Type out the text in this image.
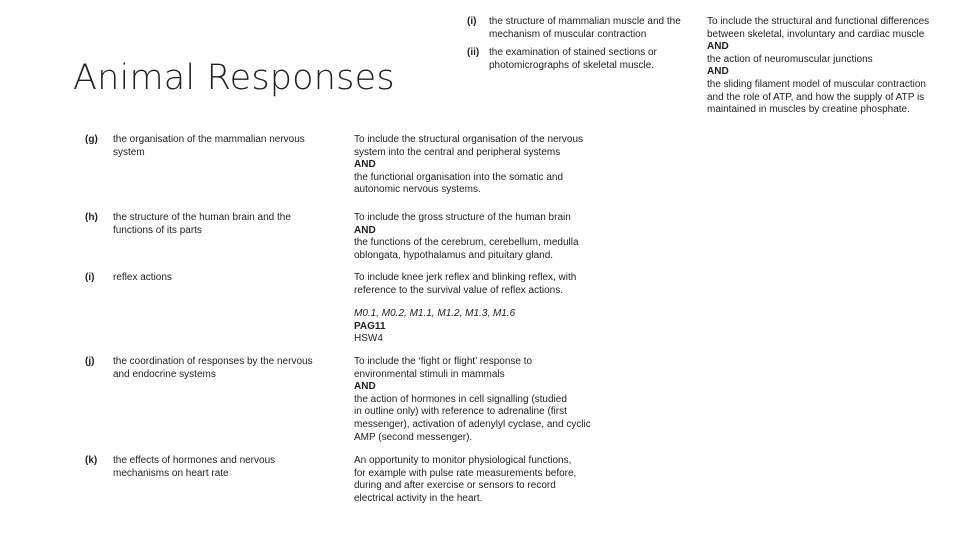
Animal Responses
(i) the structure of mammalian muscle and the
mechanism of muscular contraction
(ii) the examination of stained sections or
photomicrographs of skeletal muscle.
To include the structural and functional differences
between skeletal, involuntary and cardiac muscle
AND
the action of neuromuscular junctions
AND
the sliding filament model of muscular contraction
and the role of ATP, and how the supply of ATP is
maintained in muscles by creatine phosphate.
(g) the organisation of the mammalian nervous
system
To include the structural organisation of the nervous
system into the central and peripheral systems
AND
the functional organisation into the somatic and
autonomic nervous systems.
(h) the structure of the human brain and the
functions of its parts
To include the gross structure of the human brain
AND
the functions of the cerebrum, cerebellum, medulla
oblongata, hypothalamus and pituitary gland.
(i) reflex actions	To include knee jerk reflex and blinking reflex, with
reference to the survival value of reflex actions.
M0.1, M0.2, M1.1, M1.2, M1.3, M1.6
PAG11
HSW4
(j) the coordination of responses by the nervous
and endocrine systems
To include the ‘fight or flight’ response to
environmental stimuli in mammals
AND
the action of hormones in cell signalling (studied
in outline only) with reference to adrenaline (first
messenger), activation of adenylyl cyclase, and cyclic
AMP (second messenger).
(k) the effects of hormones and nervous
mechanisms on heart rate
An opportunity to monitor physiological functions,
for example with pulse rate measurements before,
during and after exercise or sensors to record
electrical activity in the heart.
